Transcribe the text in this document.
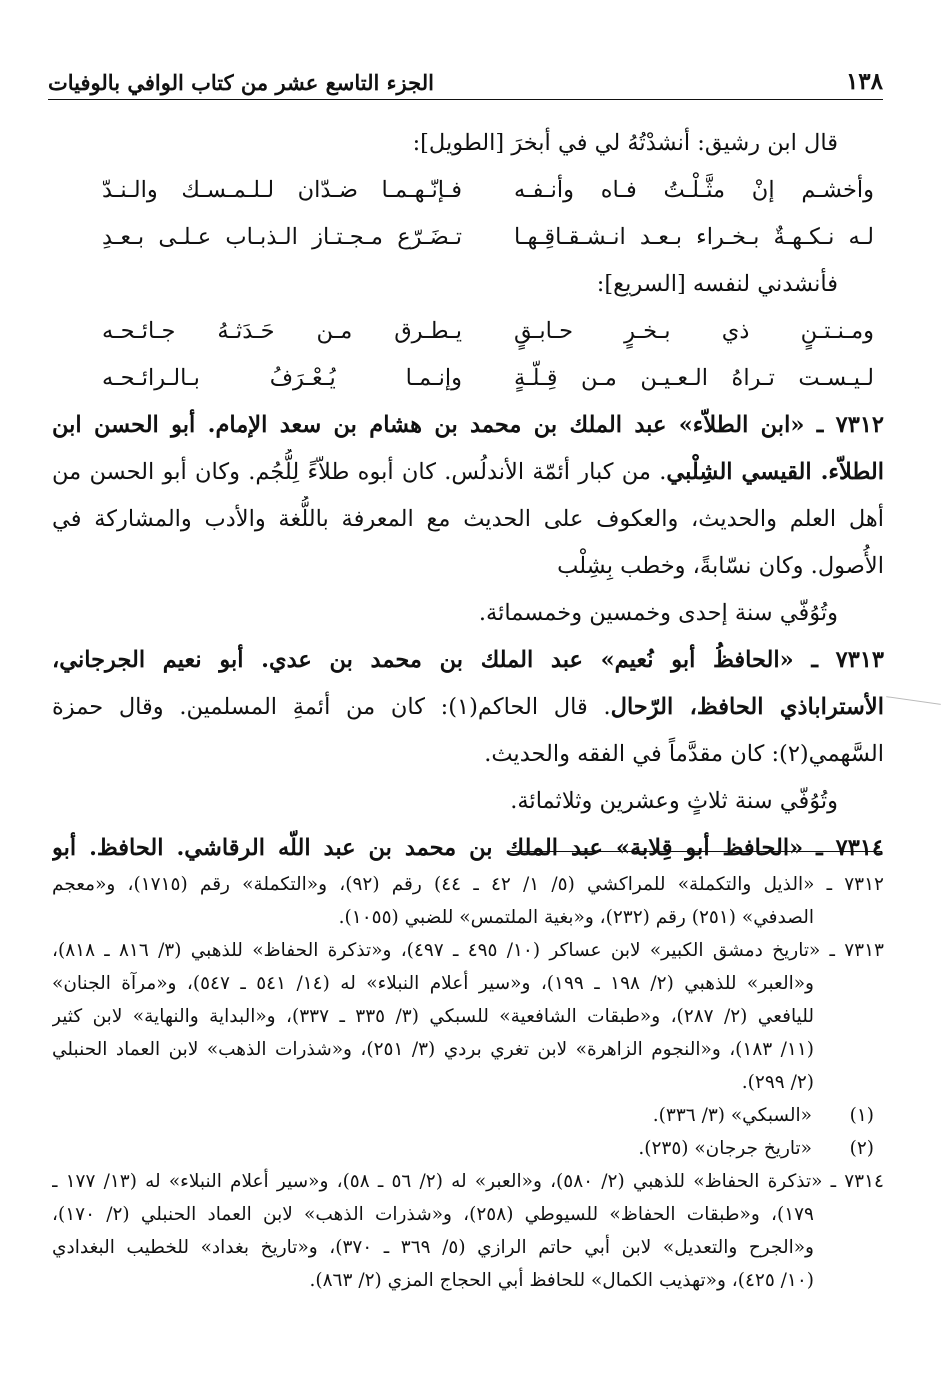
١٣٨
الجزء التاسع عشر من كتاب الوافي بالوفيات
قال ابن رشيق: أنشدْتُهُ لي في أبخرَ [الطويل]:
وأخشـم إنْ مثَّـلْـتُ فـاه وأنـفـه
فـإنّـهـمـا ضـدّان لـلـمـسـك والـنـدّ
لـه نـكـهـةٌ بـخـراء بـعـد انـشـقـاقِـهـا
تـضَـرّع مـجـتـاز الـذبـاب عـلـى بـعـدِ
فأنشدني لنفسه [السريع]:
ومـنـتـنٍ ذي بـخـرٍ حـابـقٍ
يـطـرق مـن حَـدَثـهُ جـائـحـه
لـيـسـت تـراهُ الـعـيـن مـن قِـلّـةٍ
وإنـمـا يُـعْـرَفُ بـالـرائـحـه
٧٣١٢ ـ «ابن الطلاّء» عبد الملك بن محمد بن هشام بن سعد الإمام. أبو الحسن ابن
الطلاّء. القيسي الشِلْبي. من كبار أئمّة الأندلُس. كان أبوه طلاّءً لِلُّجُم. وكان أبو الحسن من
أهل العلم والحديث، والعكوف على الحديث مع المعرفة باللُّغة والأدب والمشاركة في
الأُصول. وكان نسّابةً، وخطب بِشِلْب
وتُوُفّي سنة إحدى وخمسين وخمسمائة.
٧٣١٣ ـ «الحافظُ أبو نُعيم» عبد الملك بن محمد بن عدي. أبو نعيم الجرجاني،
الأستراباذي الحافظ، الرّحال. قال الحاكم(١): كان من أئمةِ المسلمين. وقال حمزة
السَّهمي(٢): كان مقدَّماً في الفقه والحديث.
وتُوُفّي سنة ثلاثٍ وعشرين وثلاثمائة.
٧٣١٤ ـ «الحافظ أبو قِلابة» عبد الملك بن محمد بن عبد اللّه الرقاشي. الحافظ. أبو
٧٣١٢ ـ «الذيل والتكملة» للمراكشي (٥/ ١/ ٤٢ ـ ٤٤) رقم (٩٢)، و«التكملة» رقم (١٧١٥)، و«معجم
الصدفي» (٢٥١) رقم (٢٣٢)، و«بغية الملتمس» للضبي (١٠٥٥).
٧٣١٣ ـ «تاريخ دمشق الكبير» لابن عساكر (١٠/ ٤٩٥ ـ ٤٩٧)، و«تذكرة الحفاظ» للذهبي (٣/ ٨١٦ ـ ٨١٨)،
و«العبر» للذهبي (٢/ ١٩٨ ـ ١٩٩)، و«سير أعلام النبلاء» له (١٤/ ٥٤١ ـ ٥٤٧)، و«مرآة الجنان»
لليافعي (٢/ ٢٨٧)، و«طبقات الشافعية» للسبكي (٣/ ٣٣٥ ـ ٣٣٧)، و«البداية والنهاية» لابن كثير
(١١/ ١٨٣)، و«النجوم الزاهرة» لابن تغري بردي (٣/ ٢٥١)، و«شذرات الذهب» لابن العماد الحنبلي
(٢/ ٢٩٩).
(١)
«السبكي» (٣/ ٣٣٦).
(٢)
«تاريخ جرجان» (٢٣٥).
٧٣١٤ ـ «تذكرة الحفاظ» للذهبي (٢/ ٥٨٠)، و«العبر» له (٢/ ٥٦ ـ ٥٨)، و«سير أعلام النبلاء» له (١٣/ ١٧٧ ـ
١٧٩)، و«طبقات الحفاظ» للسيوطي (٢٥٨)، و«شذرات الذهب» لابن العماد الحنبلي (٢/ ١٧٠)،
و«الجرح والتعديل» لابن أبي حاتم الرازي (٥/ ٣٦٩ ـ ٣٧٠)، و«تاريخ بغداد» للخطيب البغدادي
(١٠/ ٤٢٥)، و«تهذيب الكمال» للحافظ أبي الحجاج المزي (٢/ ٨٦٣).
